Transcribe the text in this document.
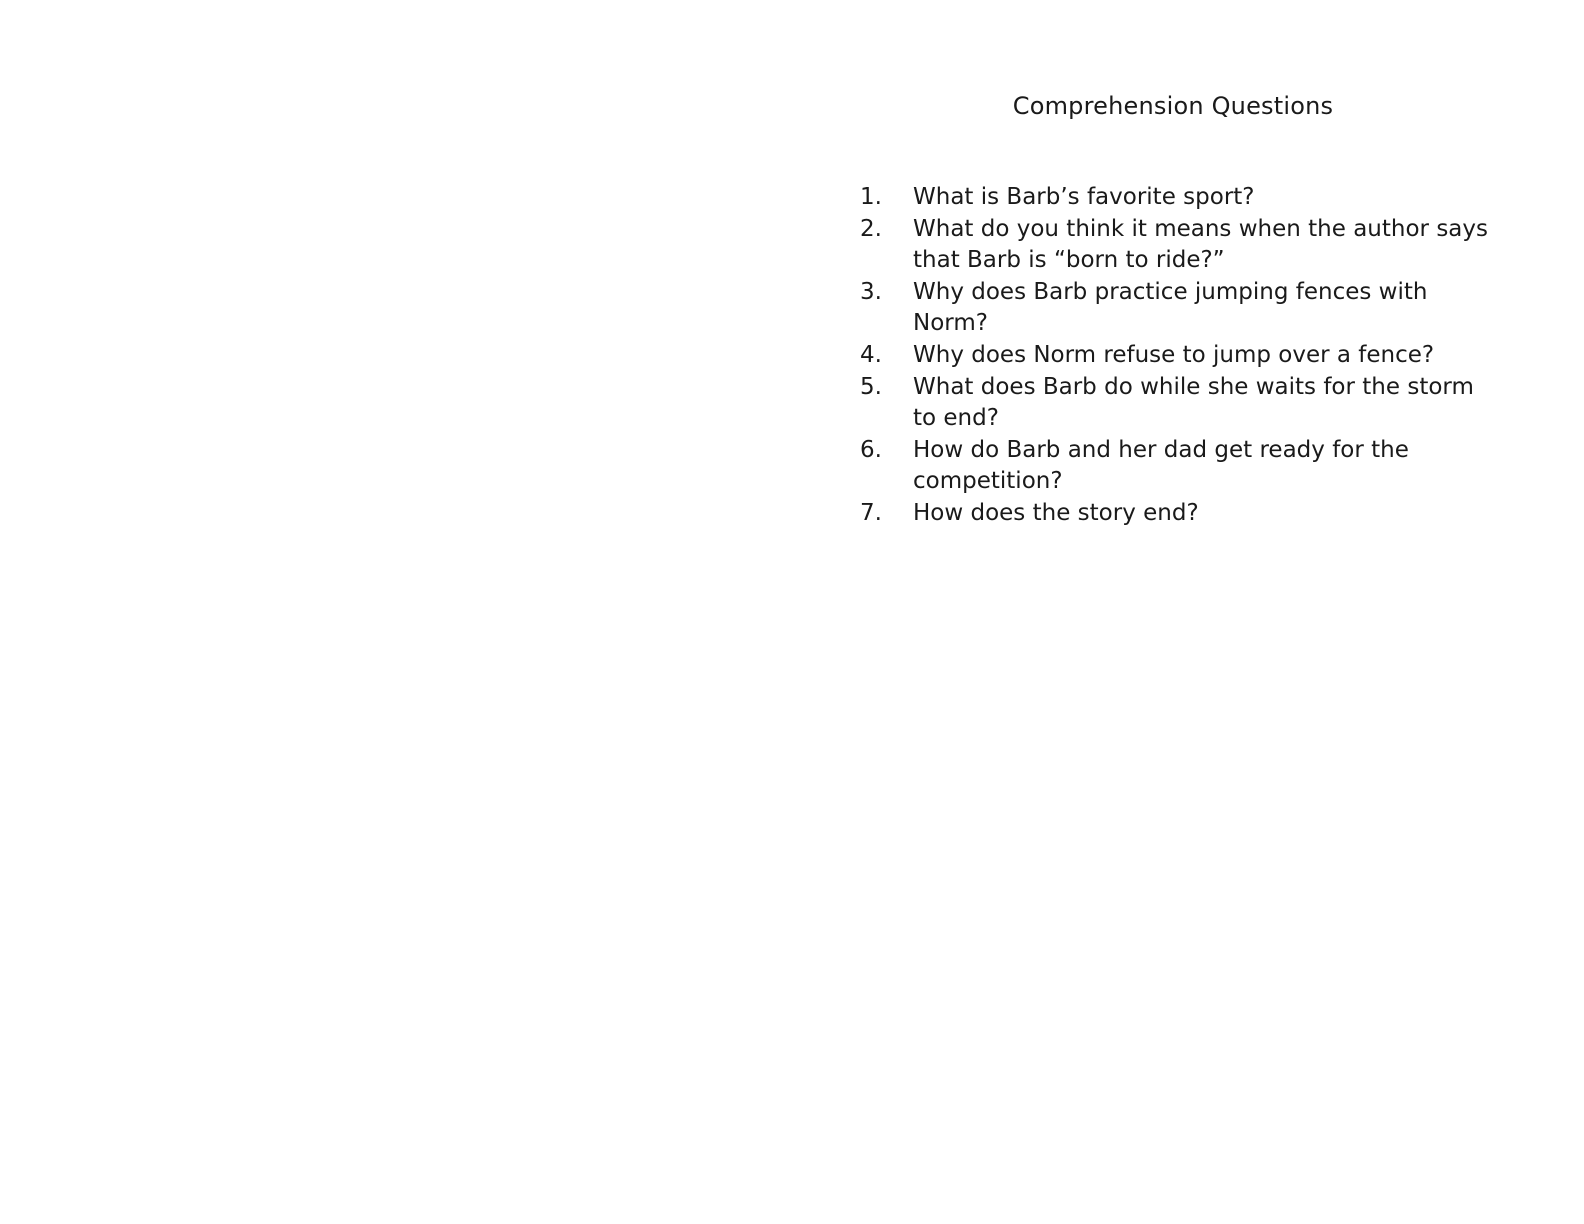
Comprehension Questions
1.	What is Barb’s favorite sport?
2.	What do you think it means when the author says that Barb is “born to ride?”
3.	Why does Barb practice jumping fences with Norm?
4.	Why does Norm refuse to jump over a fence?
5.	What does Barb do while she waits for the storm to end?
6.	How do Barb and her dad get ready for the competition?
7.	How does the story end?
